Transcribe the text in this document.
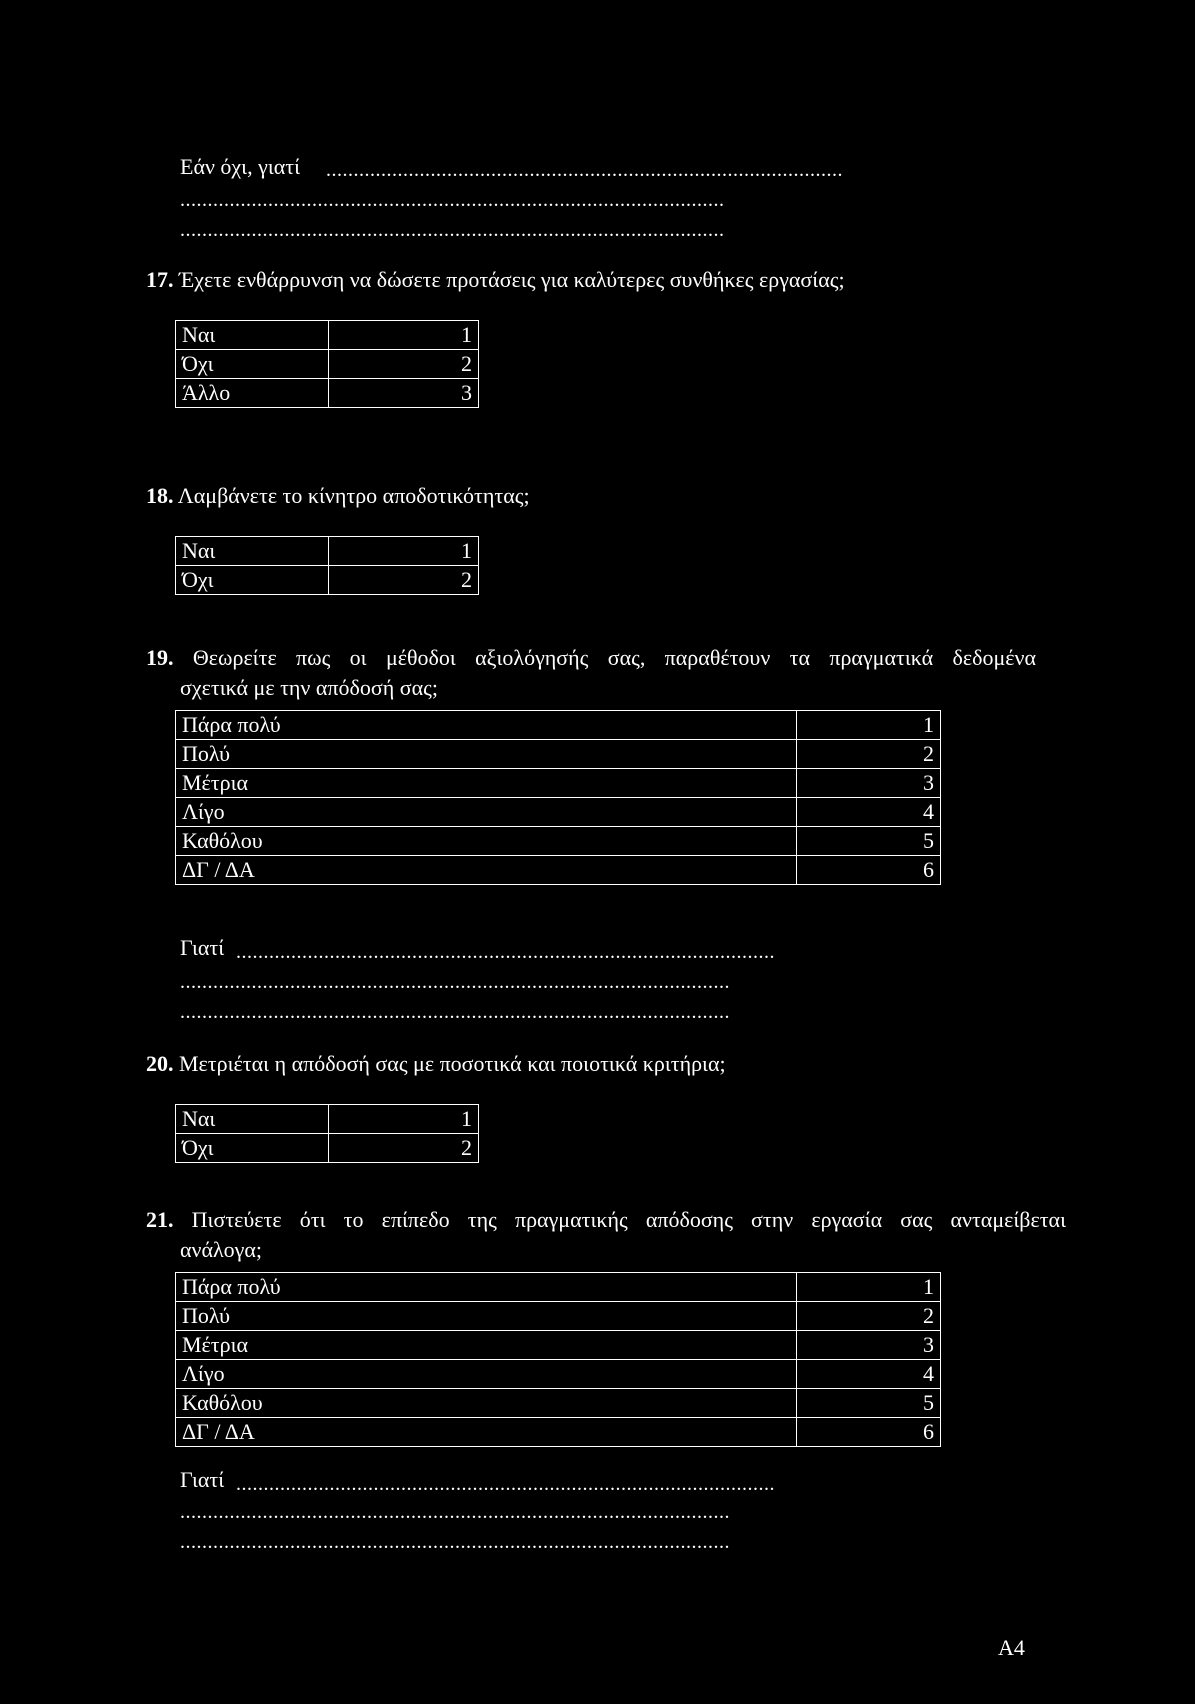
Εάν όχι, γιατί ..............................................................................................
...................................................................................................
...................................................................................................
17. Έχετε ενθάρρυνση να δώσετε προτάσεις για καλύτερες συνθήκες εργασίας;
Ναι	1
Όχι	2
Άλλο	3
18. Λαμβάνετε το κίνητρο αποδοτικότητας;
Ναι	1
Όχι	2
19. Θεωρείτε πως οι μέθοδοι αξιολόγησής σας, παραθέτουν τα πραγματικά δεδομένα
σχετικά με την απόδοσή σας;
Πάρα πολύ	1
Πολύ	2
Μέτρια	3
Λίγο	4
Καθόλου	5
ΔΓ / ΔΑ	6
Γιατί ..................................................................................................
....................................................................................................
....................................................................................................
20. Μετριέται η απόδοσή σας με ποσοτικά και ποιοτικά κριτήρια;
Ναι	1
Όχι	2
21. Πιστεύετε ότι το επίπεδο της πραγματικής απόδοσης στην εργασία σας ανταμείβεται
ανάλογα;
Πάρα πολύ	1
Πολύ	2
Μέτρια	3
Λίγο	4
Καθόλου	5
ΔΓ / ΔΑ	6
Γιατί ..................................................................................................
....................................................................................................
....................................................................................................
A4
